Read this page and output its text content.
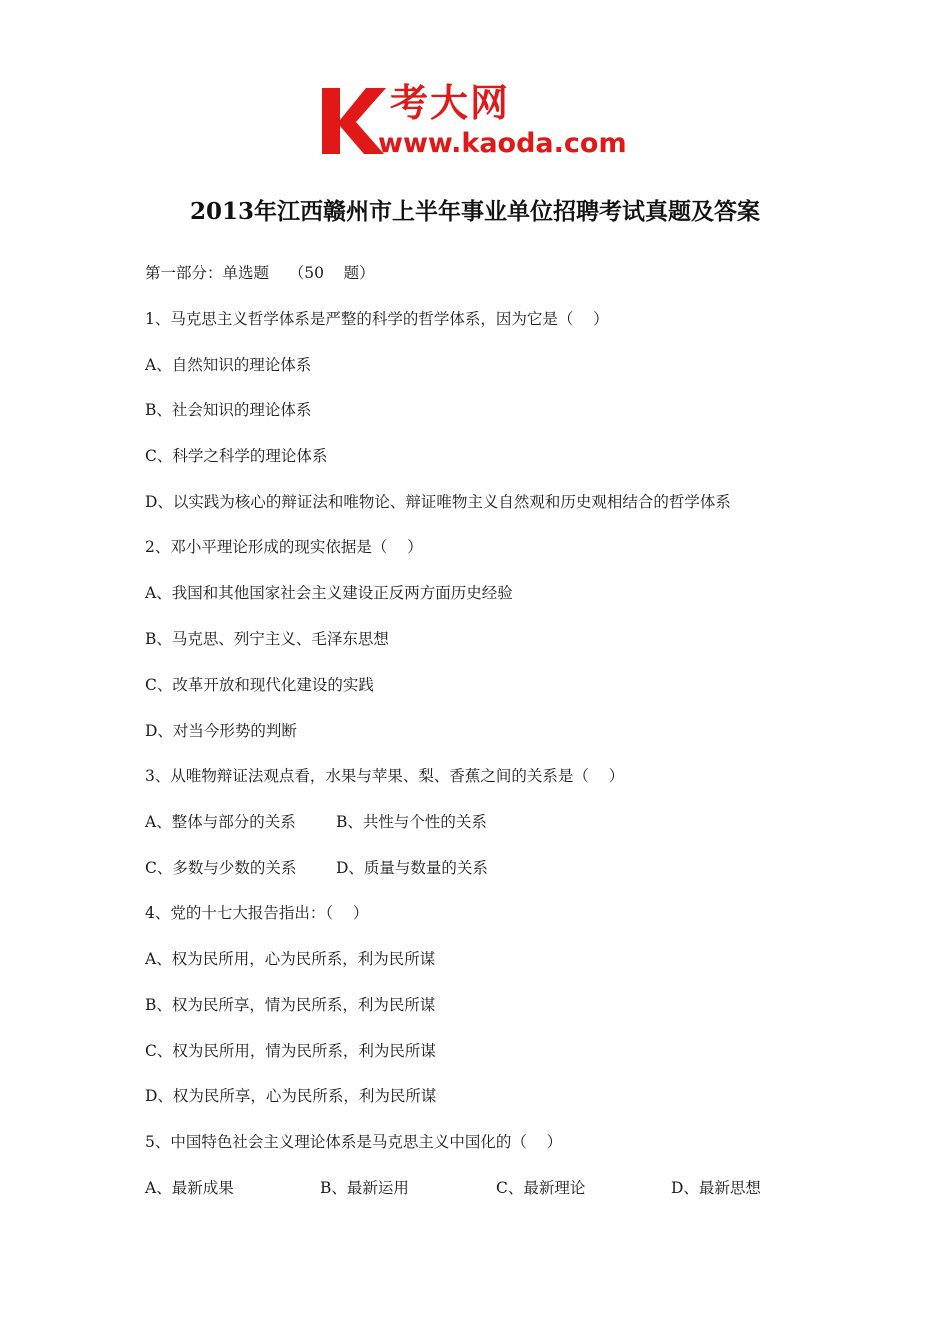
考大网
www.kaoda.com
2013年江西赣州市上半年事业单位招聘考试真题及答案
第一部分：单选题    （50    题）
1、马克思主义哲学体系是严整的科学的哲学体系，因为它是（    ）
A、自然知识的理论体系
B、社会知识的理论体系
C、科学之科学的理论体系
D、以实践为核心的辩证法和唯物论、辩证唯物主义自然观和历史观相结合的哲学体系
2、邓小平理论形成的现实依据是（    ）
A、我国和其他国家社会主义建设正反两方面历史经验
B、马克思、列宁主义、毛泽东思想
C、改革开放和现代化建设的实践
D、对当今形势的判断
3、从唯物辩证法观点看，水果与苹果、梨、香蕉之间的关系是（    ）
A、整体与部分的关系	B、共性与个性的关系
C、多数与少数的关系	D、质量与数量的关系
4、党的十七大报告指出：（    ）
A、权为民所用，心为民所系，利为民所谋
B、权为民所享，情为民所系，利为民所谋
C、权为民所用，情为民所系，利为民所谋
D、权为民所享，心为民所系，利为民所谋
5、中国特色社会主义理论体系是马克思主义中国化的（    ）
A、最新成果	B、最新运用	C、最新理论	D、最新思想
